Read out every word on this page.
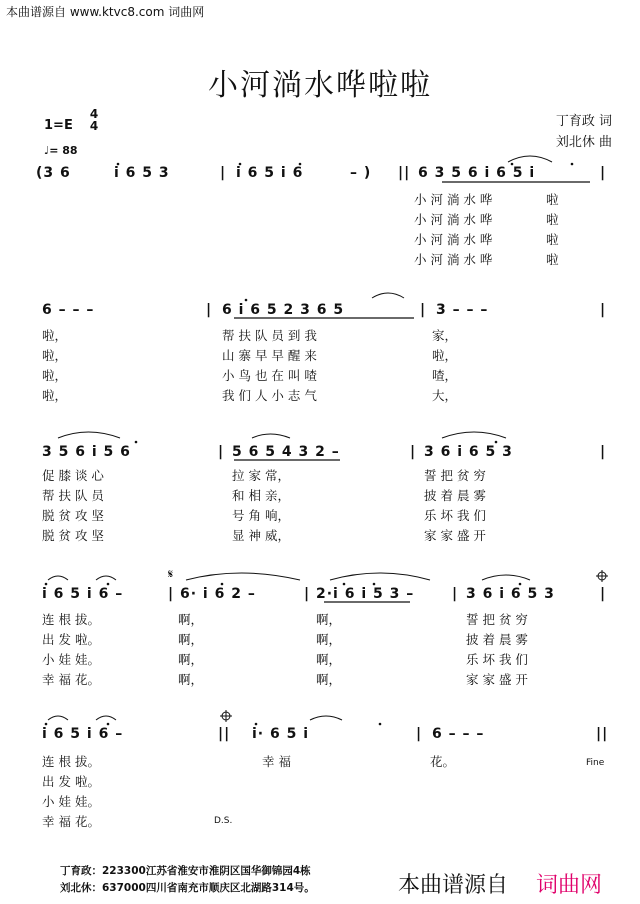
本曲谱源自 www.ktvc8.com 词曲网
小河淌水哗啦啦
1=E
4
4
♩= 88
丁育政 词
刘北休 曲
(3 6	i 6 5 3	| i 6 5 i 6	– ) || 6 3 5 6 i 6 5 i	|
小 河 淌 水 哗	啦
小 河 淌 水 哗	啦
小 河 淌 水 哗	啦
小 河 淌 水 哗	啦
6 – – –	| 6 i 6 5 2 3 6 5	| 3 – – –	|
啦，	帮 扶 队 员 到 我	家，
啦，	山 寨 早 早 醒 来	啦，
啦，	小 鸟 也 在 叫 喳	喳，
啦，	我 们 人 小 志 气	大，
3 5 6 i 5 6	| 5 6 5 4 3 2 –	| 3 6 i 6 5 3	|
促 膝 谈 心	拉 家 常，	誓 把 贫 穷
帮 扶 队 员	和 相 亲，	披 着 晨 雾
脱 贫 攻 坚	号 角 响，	乐 坏 我 们
脱 贫 攻 坚	显 神 威，	家 家 盛 开
i 6 5 i 6 –	| 6· i 6 2 –	| 2·i 6 i 5 3 –	| 3 6 i 6 5 3	|
连 根 拔。	啊，	啊，	誓 把 贫 穷
出 发 啦。	啊，	啊，	披 着 晨 雾
小 娃 娃。	啊，	啊，	乐 坏 我 们
幸 福 花。	啊，	啊，	家 家 盛 开
i 6 5 i 6 –	|| i· 6 5 i	| 6 – – –	||
连 根 拔。	幸 福	花。
出 发 啦。
小 娃 娃。
幸 福 花。
Fine
D.S.
𝄋
丁育政：223300江苏省淮安市淮阴区国华御锦园4栋
刘北休：637000四川省南充市顺庆区北湖路314号。	本曲谱源自 词曲网
